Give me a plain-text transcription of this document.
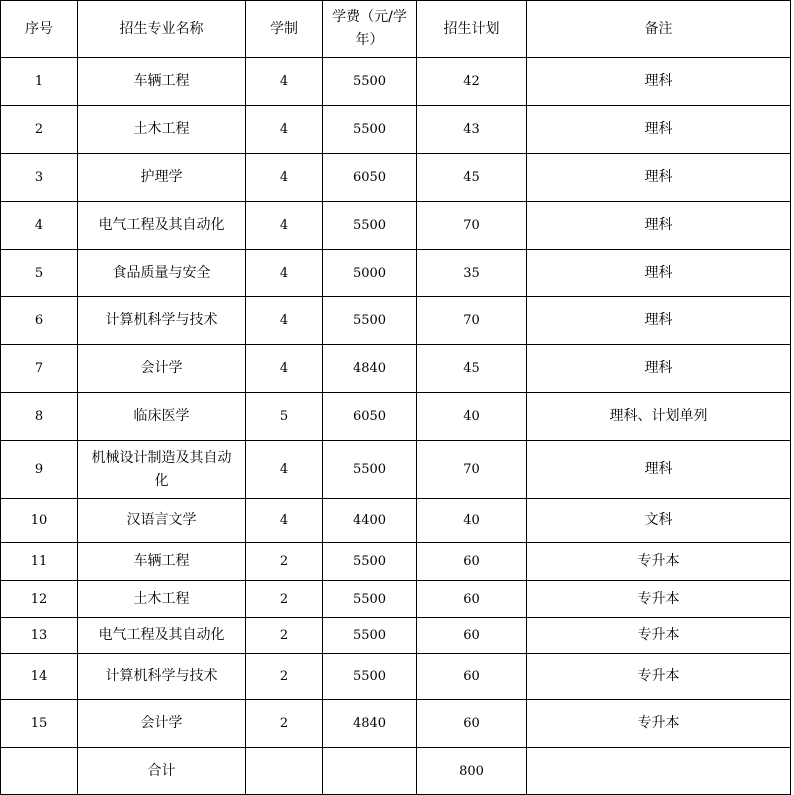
序号	招生专业名称	学制	学费（元/学年）	招生计划	备注
1	车辆工程	4	5500	42	理科
2	土木工程	4	5500	43	理科
3	护理学	4	6050	45	理科
4	电气工程及其自动化	4	5500	70	理科
5	食品质量与安全	4	5000	35	理科
6	计算机科学与技术	4	5500	70	理科
7	会计学	4	4840	45	理科
8	临床医学	5	6050	40	理科、计划单列
9	机械设计制造及其自动化	4	5500	70	理科
10	汉语言文学	4	4400	40	文科
11	车辆工程	2	5500	60	专升本
12	土木工程	2	5500	60	专升本
13	电气工程及其自动化	2	5500	60	专升本
14	计算机科学与技术	2	5500	60	专升本
15	会计学	2	4840	60	专升本
	合计			800	
